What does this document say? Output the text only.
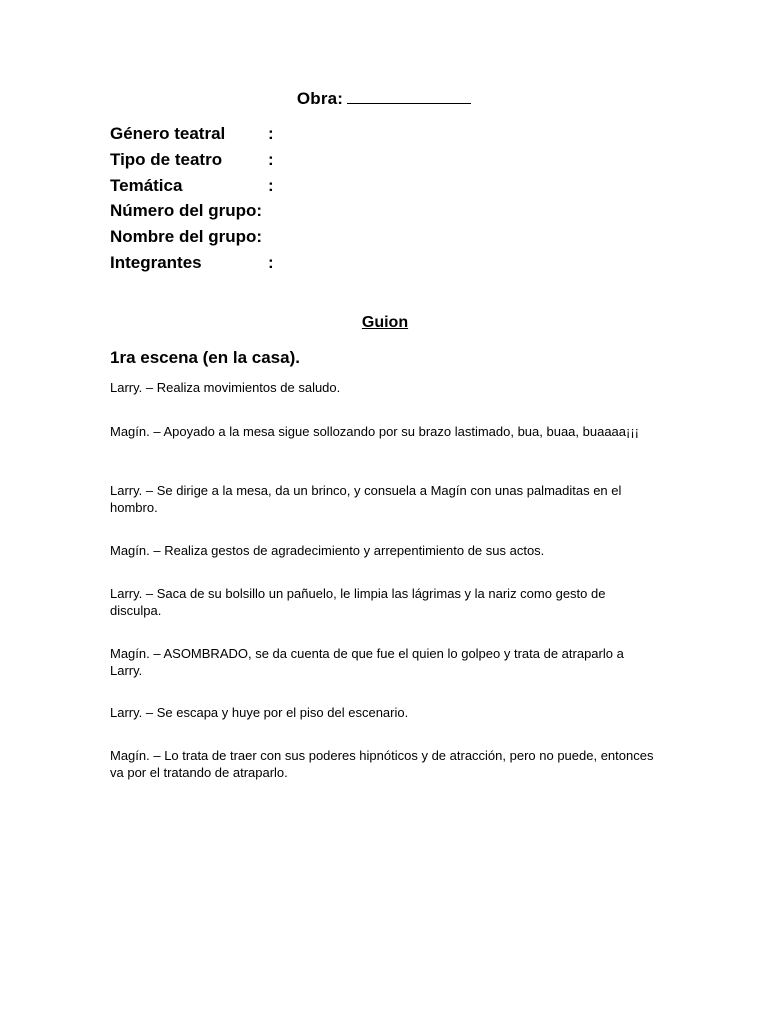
Obra:
Género teatral	:
Tipo de teatro	:
Temática	:
Número del grupo:
Nombre del grupo:
Integrantes	:
Guion
1ra escena (en la casa).

Larry. – Realiza movimientos de saludo.

Magín. – Apoyado a la mesa sigue sollozando por su brazo lastimado, bua, buaa, buaaaa¡¡¡

Larry. – Se dirige a la mesa, da un brinco, y consuela a Magín con unas palmaditas en el hombro.

Magín. – Realiza gestos de agradecimiento y arrepentimiento de sus actos.

Larry. – Saca de su bolsillo un pañuelo, le limpia las lágrimas y la nariz como gesto de disculpa.

Magín. – ASOMBRADO, se da cuenta de que fue el quien lo golpeo y trata de atraparlo a Larry.

Larry. – Se escapa y huye por el piso del escenario.

Magín. – Lo trata de traer con sus poderes hipnóticos y de atracción, pero no puede, entonces va por el tratando de atraparlo.
